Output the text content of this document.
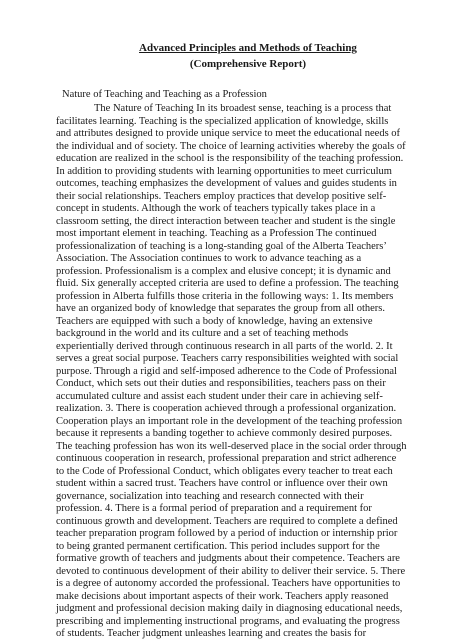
Advanced Principles and Methods of Teaching

(Comprehensive Report)

Nature of Teaching and Teaching as a Profession

The Nature of Teaching In its broadest sense, teaching is a process that
facilitates learning. Teaching is the specialized application of knowledge, skills
and attributes designed to provide unique service to meet the educational needs of
the individual and of society. The choice of learning activities whereby the goals of
education are realized in the school is the responsibility of the teaching profession.
In addition to providing students with learning opportunities to meet curriculum
outcomes, teaching emphasizes the development of values and guides students in
their social relationships. Teachers employ practices that develop positive self-
concept in students. Although the work of teachers typically takes place in a
classroom setting, the direct interaction between teacher and student is the single
most important element in teaching. Teaching as a Profession The continued
professionalization of teaching is a long-standing goal of the Alberta Teachers’
Association. The Association continues to work to advance teaching as a
profession. Professionalism is a complex and elusive concept; it is dynamic and
fluid. Six generally accepted criteria are used to define a profession. The teaching
profession in Alberta fulfills those criteria in the following ways: 1. Its members
have an organized body of knowledge that separates the group from all others.
Teachers are equipped with such a body of knowledge, having an extensive
background in the world and its culture and a set of teaching methods
experientially derived through continuous research in all parts of the world. 2. It
serves a great social purpose. Teachers carry responsibilities weighted with social
purpose. Through a rigid and self-imposed adherence to the Code of Professional
Conduct, which sets out their duties and responsibilities, teachers pass on their
accumulated culture and assist each student under their care in achieving self-
realization. 3. There is cooperation achieved through a professional organization.
Cooperation plays an important role in the development of the teaching profession
because it represents a banding together to achieve commonly desired purposes.
The teaching profession has won its well-deserved place in the social order through
continuous cooperation in research, professional preparation and strict adherence
to the Code of Professional Conduct, which obligates every teacher to treat each
student within a sacred trust. Teachers have control or influence over their own
governance, socialization into teaching and research connected with their
profession. 4. There is a formal period of preparation and a requirement for
continuous growth and development. Teachers are required to complete a defined
teacher preparation program followed by a period of induction or internship prior
to being granted permanent certification. This period includes support for the
formative growth of teachers and judgments about their competence. Teachers are
devoted to continuous development of their ability to deliver their service. 5. There
is a degree of autonomy accorded the professional. Teachers have opportunities to
make decisions about important aspects of their work. Teachers apply reasoned
judgment and professional decision making daily in diagnosing educational needs,
prescribing and implementing instructional programs, and evaluating the progress
of students. Teacher judgment unleashes learning and creates the basis for
